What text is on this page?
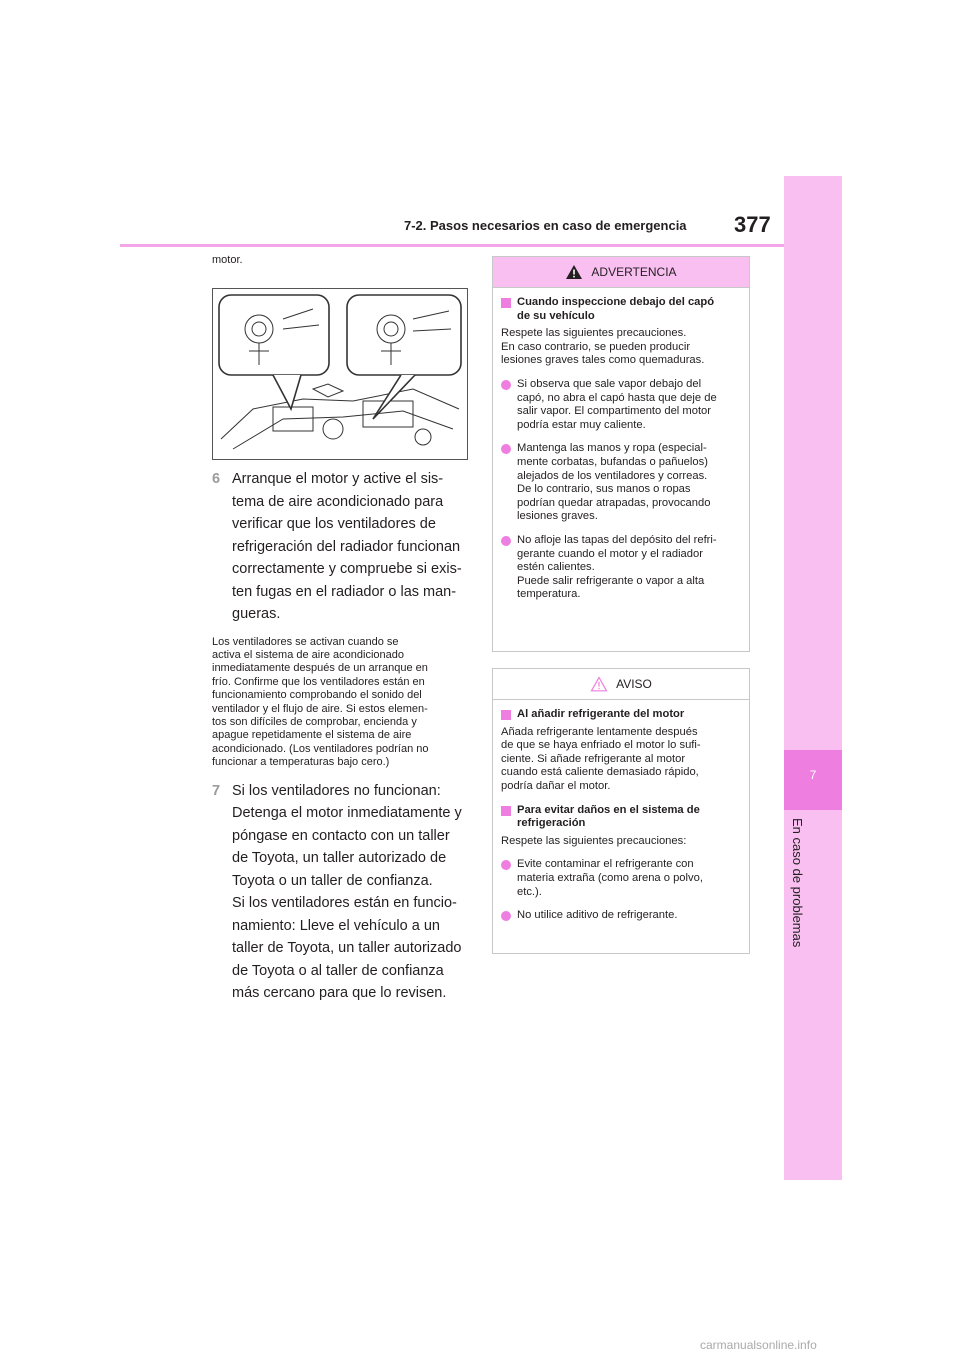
7
En caso de problemas
7-2. Pasos necesarios en caso de emergencia 377

motor.

6 Arranque el motor y active el sis-
tema de aire acondicionado para
verificar que los ventiladores de
refrigeración del radiador funcionan
correctamente y compruebe si exis-
ten fugas en el radiador o las man-
gueras.

Los ventiladores se activan cuando se
activa el sistema de aire acondicionado
inmediatamente después de un arranque en
frío. Confirme que los ventiladores están en
funcionamiento comprobando el sonido del
ventilador y el flujo de aire. Si estos elemen-
tos son difíciles de comprobar, encienda y
apague repetidamente el sistema de aire
acondicionado. (Los ventiladores podrían no
funcionar a temperaturas bajo cero.)

7 Si los ventiladores no funcionan:
Detenga el motor inmediatamente y
póngase en contacto con un taller
de Toyota, un taller autorizado de
Toyota o un taller de confianza.
Si los ventiladores están en funcio-
namiento: Lleve el vehículo a un
taller de Toyota, un taller autorizado
de Toyota o al taller de confianza
más cercano para que lo revisen.
ADVERTENCIA
Cuando inspeccione debajo del capó
de su vehículo

Respete las siguientes precauciones.
En caso contrario, se pueden producir
lesiones graves tales como quemaduras.

Si observa que sale vapor debajo del
capó, no abra el capó hasta que deje de
salir vapor. El compartimento del motor
podría estar muy caliente.
Mantenga las manos y ropa (especial-
mente corbatas, bufandas o pañuelos)
alejados de los ventiladores y correas.
De lo contrario, sus manos o ropas
podrían quedar atrapadas, provocando
lesiones graves.
No afloje las tapas del depósito del refri-
gerante cuando el motor y el radiador
estén calientes.
Puede salir refrigerante o vapor a alta
temperatura.
AVISO
Al añadir refrigerante del motor

Añada refrigerante lentamente después
de que se haya enfriado el motor lo sufi-
ciente. Si añade refrigerante al motor
cuando está caliente demasiado rápido,
podría dañar el motor.

Para evitar daños en el sistema de
refrigeración

Respete las siguientes precauciones:

Evite contaminar el refrigerante con
materia extraña (como arena o polvo,
etc.).
No utilice aditivo de refrigerante.
carmanualsonline.info
